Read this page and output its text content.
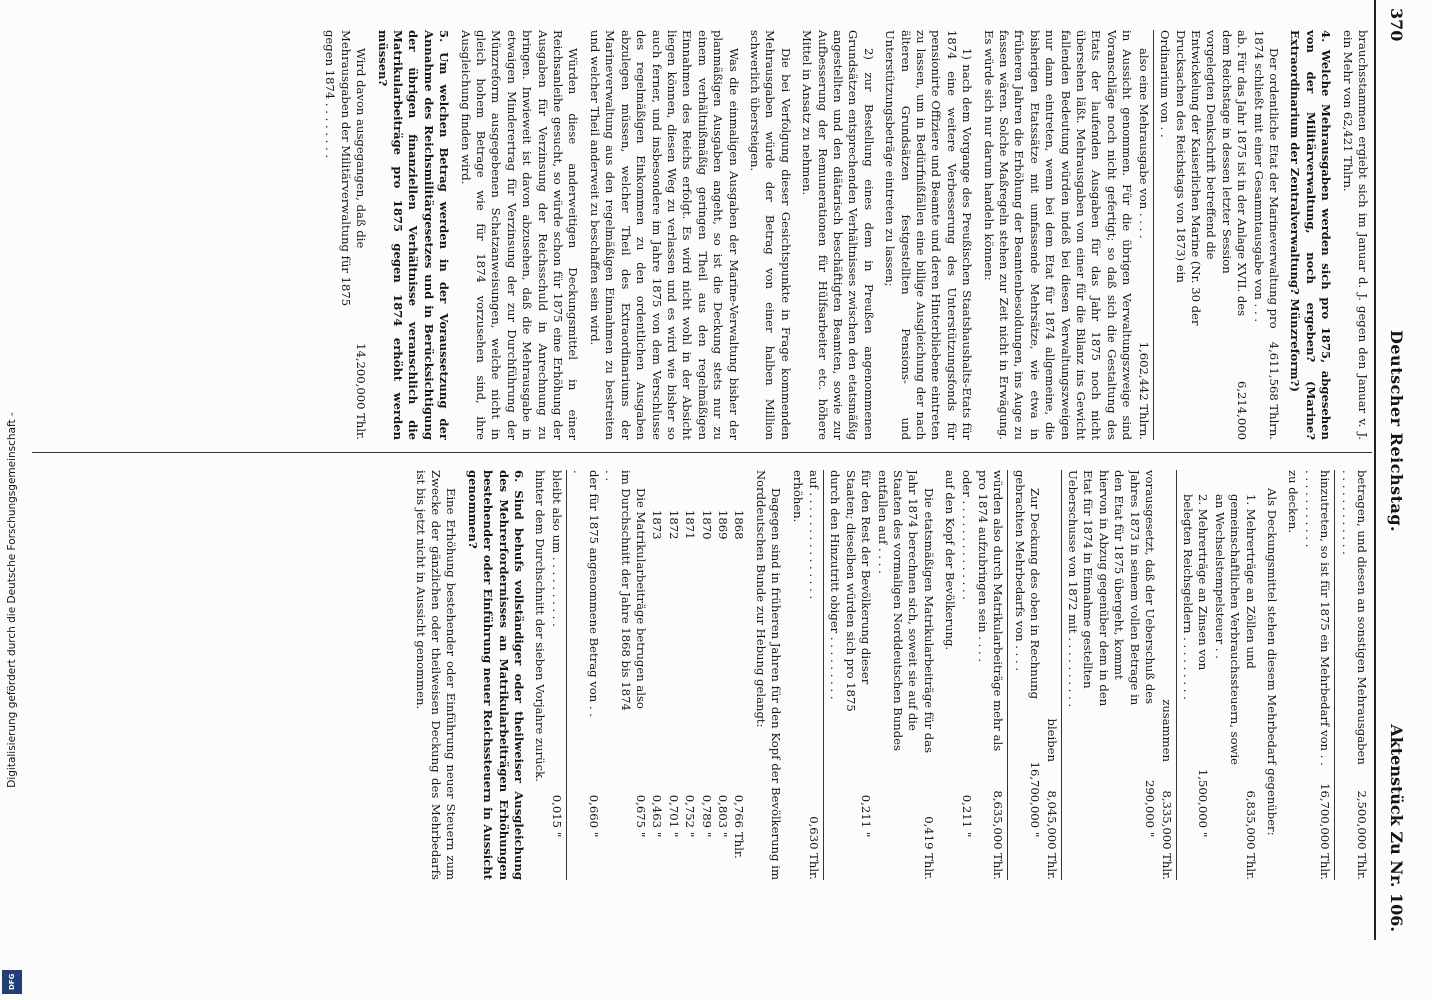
Digitalisierung gefördert durch die Deutsche Forschungsgemeinschaft -
DFG
370
Deutscher Reichstag.
Aktenstück Zu Nr. 106.

brauchsstammen ergiebt sich im Januar d. J. gegen den Januar v. J. ein Mehr von 62,421 Thlrn.

4. Welche Mehrausgaben werden sich pro 1875, abgesehen von der Militärverwaltung, noch ergeben? (Marine? Extraordinarium der Zentralverwaltung? Münzreform?)

Der ordentliche Etat der Marineverwaltung pro 1874 schließt mit einer Gesammtausgabe von . . .
4,611,568 Thlrn.
ab. Für das Jahr 1875 ist in der Anlage XVII. des dem Reichstage in dessen letzter Session vorgelegten Denkschrift betreffend die Entwickelung der Kaiserlichen Marine (Nr. 30 der Drucksachen des Reichstags von 1873) ein Ordinarium von . .
6,214,000
also eine Mehrausgabe von . . . .
1,602,442 Thlrn.

in Aussicht genommen. Für die übrigen Verwaltungszweige sind Voranschläge noch nicht gefertigt; so daß sich die Gestaltung des Etats der laufenden Ausgaben für das Jahr 1875 noch nicht übersehen läßt. Mehrausgaben von einer für die Bilanz ins Gewicht fallenden Bedeutung würden indeß bei diesen Verwaltungszweigen nur dann eintreten, wenn bei dem Etat für 1874 allgemeine, die bisherigen Etatssätze mit umfassende Mehrsätze, wie etwa in früheren Jahren die Erhöhung der Beamtenbesoldungen, ins Auge zu fassen wären. Solche Maßregeln stehen zur Zeit nicht in Erwägung. Es würde sich nur darum handeln können:

1) nach dem Vorgange des Preußischen Staatshaushalts-Etats für 1874 eine weitere Verbesserung des Unterstützungsfonds für pensionirte Offiziere und Beamte und deren Hinterbliebene eintreten zu lassen, um in Bedürfnißfällen eine billige Ausgleichung der nach älteren Grundsätzen festgestellten Pensions- und Unterstützungsbeträge eintreten zu lassen;

2) zur Bestellung eines dem in Preußen angenommenen Grundsätzen entsprechenden Verhältnisses zwischen den etatsmäßig angestellten und den diätarisch beschäftigten Beamten, sowie zur Aufbesserung der Remunerationen für Hülfsarbeiter etc. höhere Mittel in Ansatz zu nehmen.

Die bei Verfolgung dieser Gesichtspunkte in Frage kommenden Mehrausgaben würde der Betrag von einer halben Million schwerlich übersteigen.

Was die einmaligen Ausgaben der Marine-Verwaltung bisher der planmäßigen Ausgaben angeht, so ist die Deckung stets nur zu einem verhältnißmäßig geringen Theil aus den regelmäßigen Einnahmen des Reichs erfolgt. Es wird nicht wohl in der Absicht liegen können, diesen Weg zu verlassen und es wird wie bisher so auch ferner, und insbesondere im Jahre 1875 von dem Verschlusse des regelmäßigen Einkommen zu den ordentlichen Ausgaben abzulegen müssen, welcher Theil des Extraordinariums der Marineverwaltung aus den regelmäßigen Einnahmen zu bestreiten und welcher Theil anderweit zu beschaffen sein wird.

Würden diese anderweitigen Deckungsmittel in einer Reichsanleihe gesucht, so würde schon für 1875 eine Erhöhung der Ausgaben für Verzinsung der Reichsschuld in Anrechnung zu bringen. Inwieweit ist davon abzusehen, daß die Mehrausgabe in etwaigen Minderertrag für Verzinsung der zur Durchführung der Münzreform ausgegebenen Schatzanweisungen, welche nicht in gleich hohem Betrage wie für 1874 vorzusehen sind, ihre Ausgleichung finden wird.

5. Um welchen Betrag werden in der Voraussetzung der Annahme des Reichsmilitärgesetzes und in Berücksichtigung der übrigen finanziellen Verhältnisse veranschlich die Matrikularbeiträge pro 1875 gegen 1874 erhöht werden müssen?

Wird davon ausgegangen, daß die Mehrausgaben der Militärverwaltung für 1875 gegen 1874 . . . . . . . .
14,200,000 Thlr.
betragen, und diesen an sonstigen Mehrausgaben . . . . . . . . . . . .
2,500,000 Thlr.
hinzutreten, so ist für 1875 ein Mehrbedarf von . . . . . . . . . . . . .
16,700,000 Thlr.

zu decken.

Als Deckungsmittel stehen diesem Mehrbedarf gegenüber:

1. Mehrerträge an Zöllen und gemeinschaftlichen Verbrauchssteuern, sowie an Wechselstempelsteuer . .
6,835,000 Thlr.
2. Mehrerträge an Zinsen von belegten Reichsgeldern . . . . . . . . .
1,500,000
"
zusammen
8,335,000 Thlr.
vorausgesetzt, daß der Ueberschuß des Jahres 1873 in seinem vollen Betrage in den Etat für 1875 übergeht, kommt hiervon in Abzug gegenüber dem in den Etat für 1874 in Einnahme gestellten Ueberschusse von 1872 mit . . . . . . . . . .
290,000
"
bleiben
8,045,000 Thlr.
Zur Deckung des oben in Rechnung gebrachten Mehrbedarfs von . . . .
16,700,000
"
würden also durch Matrikularbeiträge mehr als pro 1874 aufzubringen sein . . . .
8,635,000 Thlr.
oder . . . . . . . . . . . . . .
0,211
"

auf den Kopf der Bevölkerung.

Die etatsmäßigen Matrikularbeiträge für das Jahr 1874 berechnen sich, soweit sie auf die Staaten des vormaligen Norddeutschen Bundes entfallen auf . . . .
0,419 Thlr.
für den Rest der Bevölkerung dieser Staaten; dieselben würden sich pro 1875 durch den Hinzutritt obiger . . . . . . . . .
0,211
"
auf . . . . . . . . . . . . . . .
0,630 Thlr.

erhöhen.

Dagegen sind in früheren Jahren für den Kopf der Bevölkerung im Norddeutschen Bunde zur Hebung gelangt:

1868
0,766
Thlr.
1869
0,803
"
1870
0,789
"
1871
0,752
"
1872
0,701
"
1873
0,463
"
Die Matrikularbeiträge betrugen also im Durchschnitt der Jahre 1868 bis 1874 . .
0,675
"
der für 1875 angenommene Betrag von . . .
0,660
"
bleibt also um . . . . . . . . . .
0,015
"

hinter dem Durchschnitt der sieben Vorjahre zurück.

6. Sind behufs vollständiger oder theilweiser Ausgleichung des Mehrerfordernisses an Matrikularbeiträgen Erhöhungen bestehender oder Einführung neuer Reichssteuern in Aussicht genommen?

Eine Erhöhung bestehender oder Einführung neuer Steuern zum Zwecke der gänzlichen oder theilweisen Deckung des Mehrbedarfs ist bis jetzt nicht in Aussicht genommen.
